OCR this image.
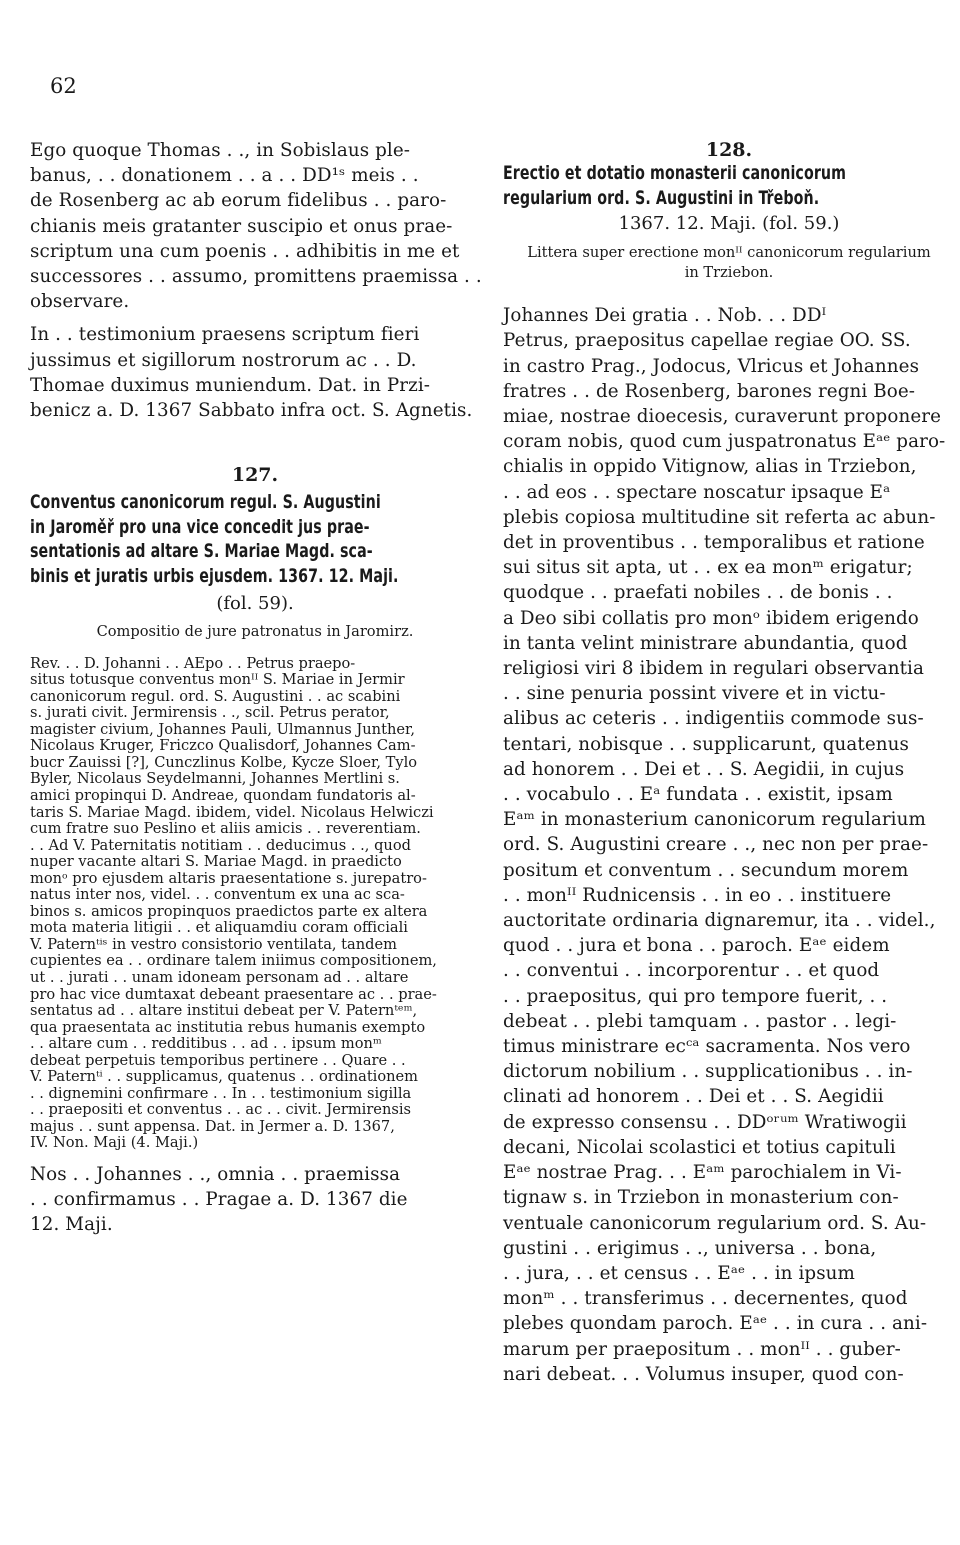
62
Ego quoque Thomas . ., in Sobislaus ple-
banus, . . donationem . . a . . DD¹ˢ meis . .
de Rosenberg ac ab eorum fidelibus . . paro-
chianis meis gratanter suscipio et onus prae-
scriptum una cum poenis . . adhibitis in me et
successores . . assumo, promittens praemissa . .
observare.
In . . testimonium praesens scriptum fieri
jussimus et sigillorum nostrorum ac . . D.
Thomae duximus muniendum. Dat. in Przi-
benicz a. D. 1367 Sabbato infra oct. S. Agnetis.
127.
Conventus canonicorum regul. S. Augustini
in Jaroměř pro una vice concedit jus prae-
sentationis ad altare S. Mariae Magd. sca-
binis et juratis urbis ejusdem. 1367. 12. Maji.
(fol. 59).
Compositio de jure patronatus in Jaromirz.
Rev. . . D. Johanni . . AEpo . . Petrus praepo-
situs totusque conventus monᴵᴵ S. Mariae in Jermir
canonicorum regul. ord. S. Augustini . . ac scabini
s. jurati civit. Jermirensis . ., scil. Petrus perator,
magister civium, Johannes Pauli, Ulmannus Junther,
Nicolaus Kruger, Friczco Qualisdorf, Johannes Cam-
bucr Zauissi [?], Cunczlinus Kolbe, Kycze Sloer, Tylo
Byler, Nicolaus Seydelmanni, Johannes Mertlini s.
amici propinqui D. Andreae, quondam fundatoris al-
taris S. Mariae Magd. ibidem, videl. Nicolaus Helwiczi
cum fratre suo Peslino et aliis amicis . . reverentiam.
. . Ad V. Paternitatis notitiam . . deducimus . ., quod
nuper vacante altari S. Mariae Magd. in praedicto
monᵒ pro ejusdem altaris praesentatione s. jurepatro-
natus inter nos, videl. . . conventum ex una ac sca-
binos s. amicos propinquos praedictos parte ex altera
mota materia litigii . . et aliquamdiu coram officiali
V. Paternᵗⁱˢ in vestro consistorio ventilata, tandem
cupientes ea . . ordinare talem iniimus compositionem,
ut . . jurati . . unam idoneam personam ad . . altare
pro hac vice dumtaxat debeant praesentare ac . . prae-
sentatus ad . . altare institui debeat per V. Paternᵗᵉᵐ,
qua praesentata ac institutia rebus humanis exempto
. . altare cum . . redditibus . . ad . . ipsum monᵐ
debeat perpetuis temporibus pertinere . . Quare . .
V. Paternᵗⁱ . . supplicamus, quatenus . . ordinationem
. . dignemini confirmare . . In . . testimonium sigilla
. . praepositi et conventus . . ac . . civit. Jermirensis
majus . . sunt appensa. Dat. in Jermer a. D. 1367,
IV. Non. Maji (4. Maji.)
Nos . . Johannes . ., omnia . . praemissa
. . confirmamus . . Pragae a. D. 1367 die
12. Maji.
128.
Erectio et dotatio monasterii canonicorum
regularium ord. S. Augustini in Třeboň.
1367. 12. Maji. (fol. 59.)
Littera super erectione monᴵᴵ canonicorum regularium
in Trziebon.
Johannes Dei gratia . . Nob. . . DDᴵ
Petrus, praepositus capellae regiae OO. SS.
in castro Prag., Jodocus, Vlricus et Johannes
fratres . . de Rosenberg, barones regni Boe-
miae, nostrae dioecesis, curaverunt proponere
coram nobis, quod cum juspatronatus Eᵃᵉ paro-
chialis in oppido Vitignow, alias in Trziebon,
. . ad eos . . spectare noscatur ipsaque Eᵃ
plebis copiosa multitudine sit referta ac abun-
det in proventibus . . temporalibus et ratione
sui situs sit apta, ut . . ex ea monᵐ erigatur;
quodque . . praefati nobiles . . de bonis . .
a Deo sibi collatis pro monᵒ ibidem erigendo
in tanta velint ministrare abundantia, quod
religiosi viri 8 ibidem in regulari observantia
. . sine penuria possint vivere et in victu-
alibus ac ceteris . . indigentiis commode sus-
tentari, nobisque . . supplicarunt, quatenus
ad honorem . . Dei et . . S. Aegidii, in cujus
. . vocabulo . . Eᵃ fundata . . existit, ipsam
Eᵃᵐ in monasterium canonicorum regularium
ord. S. Augustini creare . ., nec non per prae-
positum et conventum . . secundum morem
. . monᴵᴵ Rudnicensis . . in eo . . instituere
auctoritate ordinaria dignaremur, ita . . videl.,
quod . . jura et bona . . paroch. Eᵃᵉ eidem
. . conventui . . incorporentur . . et quod
. . praepositus, qui pro tempore fuerit, . .
debeat . . plebi tamquam . . pastor . . legi-
timus ministrare ecᶜᵃ sacramenta. Nos vero
dictorum nobilium . . supplicationibus . . in-
clinati ad honorem . . Dei et . . S. Aegidii
de expresso consensu . . DDᵒʳᵘᵐ Wratiwogii
decani, Nicolai scolastici et totius capituli
Eᵃᵉ nostrae Prag. . . Eᵃᵐ parochialem in Vi-
tignaw s. in Trziebon in monasterium con-
ventuale canonicorum regularium ord. S. Au-
gustini . . erigimus . ., universa . . bona,
. . jura, . . et census . . Eᵃᵉ . . in ipsum
monᵐ . . transferimus . . decernentes, quod
plebes quondam paroch. Eᵃᵉ . . in cura . . ani-
marum per praepositum . . monᴵᴵ . . guber-
nari debeat. . . Volumus insuper, quod con-
